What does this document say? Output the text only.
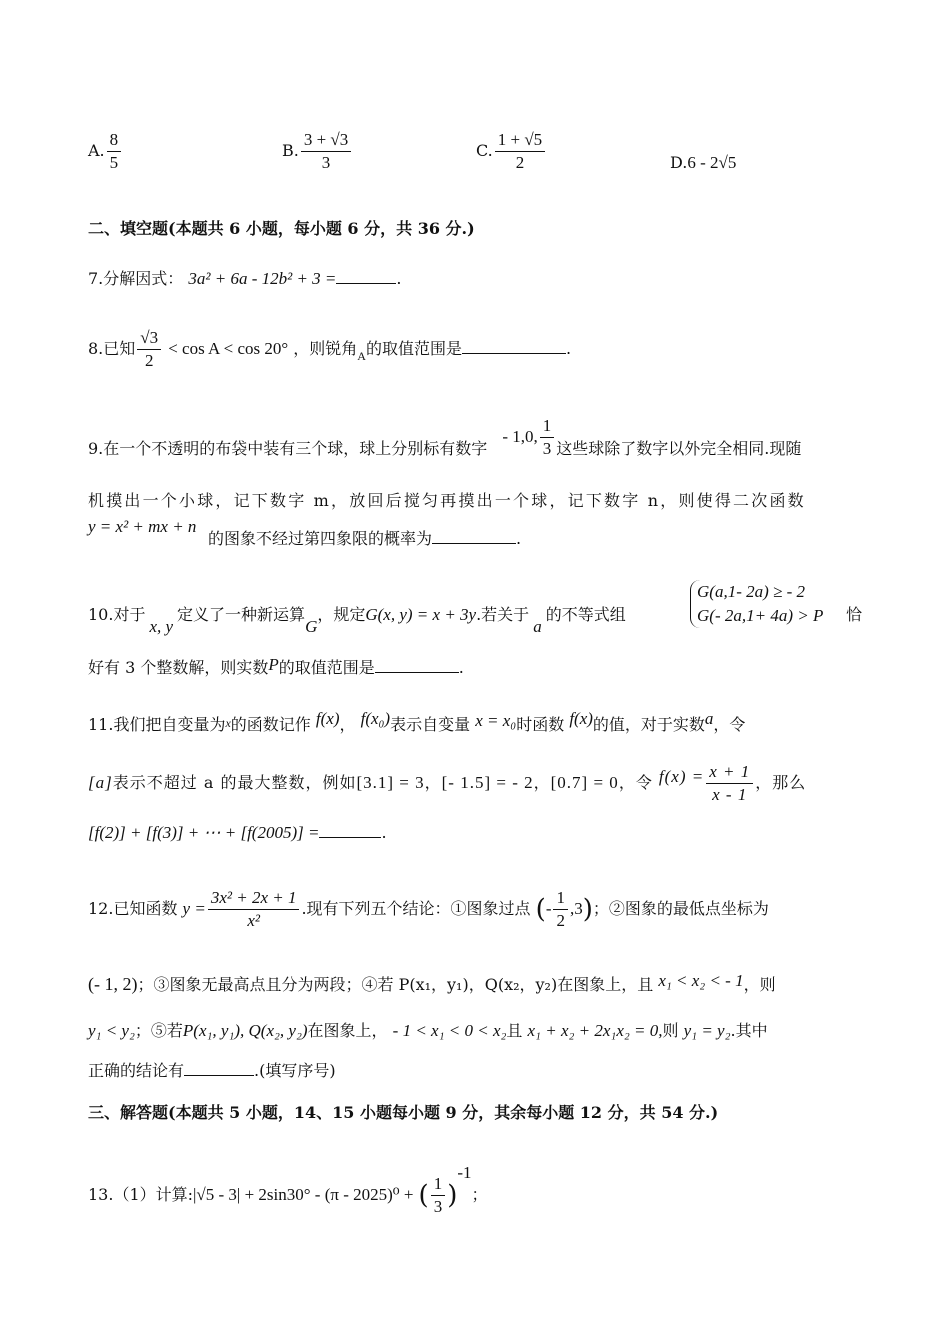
A. $\frac{8}{5}$	B. $\frac{3 + √3}{3}$	C. $\frac{1 + √5}{2}$	D.6 - 2√5
二、填空题(本题共 6 小题，每小题 6 分，共 36 分.)
7.分解因式： 3a² + 6a - 12b² + 3 =	.
8.已知 $\frac{√3}{2} < \cos A < \cos 20^\circ$ ，则锐角$_A$的取值范围是	.
9.在一个不透明的布袋中装有三个球，球上分别标有数字 - 1,0, $\frac{1}{3}$ 这些球除了数字以外完全相同.现随
机摸出一个小球，记下数字 m，放回后搅匀再摸出一个球，记下数字 n，则使得二次函数
y = x² + mx + n
的图象不经过第四象限的概率为	.
10.对于x, y定义了一种新运算G，规定G(x, y) = x + 3y.若关于a的不等式组
G(a,1- 2a) ≥ - 2
G(- 2a,1+ 4a) > P 恰
好有 3 个整数解，则实数P的取值范围是	.
11.我们把自变量为x的函数记作 f(x)， f(x₀)表示自变量 x = x₀时函数 f(x)的值，对于实数a，令
[a]表示不超过 a 的最大整数，例如[3.1] = 3，[- 1.5] = - 2，[0.7] = 0，令 $f(x) = \frac{x + 1}{x - 1}$ ，那么
[f(2)] + [f(3)] + ⋯ + [f(2005)] =	.
12.已知函数 $y = \frac{\text{3x² + 2x + 1}}{\text{x²}}$ .现有下列五个结论：①图象过点 (- $\frac{1}{2} ,3$)；②图象的最低点坐标为
(- 1, 2)；③图象无最高点且分为两段；④若 P(x₁，y₁)，Q(x₂，y₂)在图象上，且 x₁ < x₂ < - 1，则
y₁ < y₂；⑤若P(x₁, y₁), Q(x₂, y₂)在图象上， - 1 < x₁ < 0 < x₂且 x₁ + x₂ + 2x₁x₂ = 0,则 y₁ = y₂.其中
正确的结论有	.(填写序号)
三、解答题(本题共 5 小题，14、15 小题每小题 9 分，其余每小题 12 分，共 54 分.)
13.（1）计算:|√5 - 3| + 2sin30° - (π - 2025)⁰ + ( $\frac{1}{3} )^{-1}$；
